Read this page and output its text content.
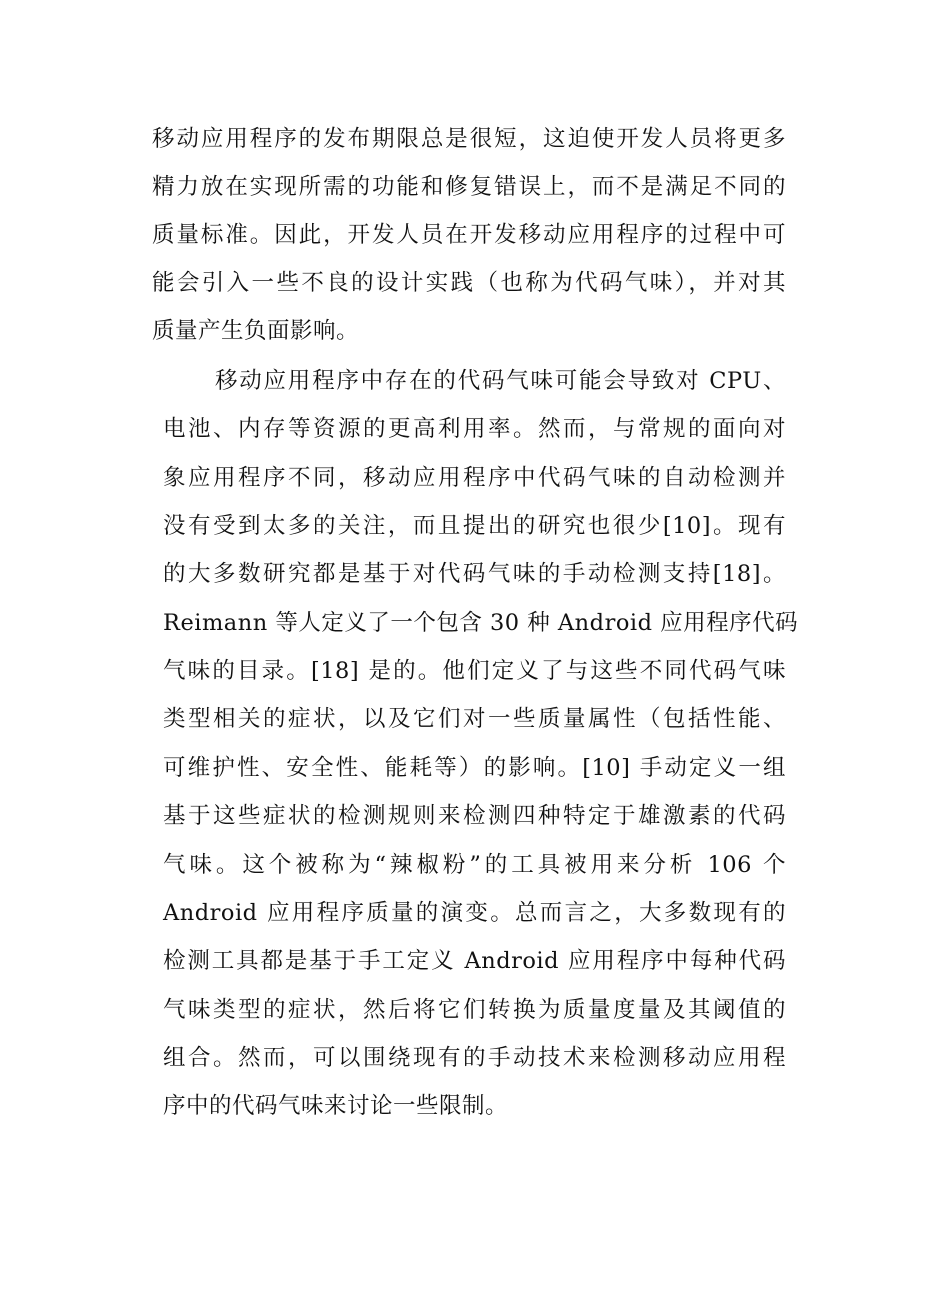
移动应用程序的发布期限总是很短，这迫使开发人员将更多
精力放在实现所需的功能和修复错误上，而不是满足不同的
质量标准。因此，开发人员在开发移动应用程序的过程中可
能会引入一些不良的设计实践（也称为代码气味），并对其
质量产生负面影响。
移动应用程序中存在的代码气味可能会导致对 CPU、
电池、内存等资源的更高利用率。然而，与常规的面向对
象应用程序不同，移动应用程序中代码气味的自动检测并
没有受到太多的关注，而且提出的研究也很少[10]。现有
的大多数研究都是基于对代码气味的手动检测支持[18]。
Reimann 等人定义了一个包含 30 种 Android 应用程序代码
气味的目录。[18] 是的。他们定义了与这些不同代码气味
类型相关的症状，以及它们对一些质量属性（包括性能、
可维护性、安全性、能耗等）的影响。[10] 手动定义一组
基于这些症状的检测规则来检测四种特定于雄激素的代码
气味。这个被称为“辣椒粉”的工具被用来分析 106 个
Android 应用程序质量的演变。总而言之，大多数现有的
检测工具都是基于手工定义 Android 应用程序中每种代码
气味类型的症状，然后将它们转换为质量度量及其阈值的
组合。然而，可以围绕现有的手动技术来检测移动应用程
序中的代码气味来讨论一些限制。
